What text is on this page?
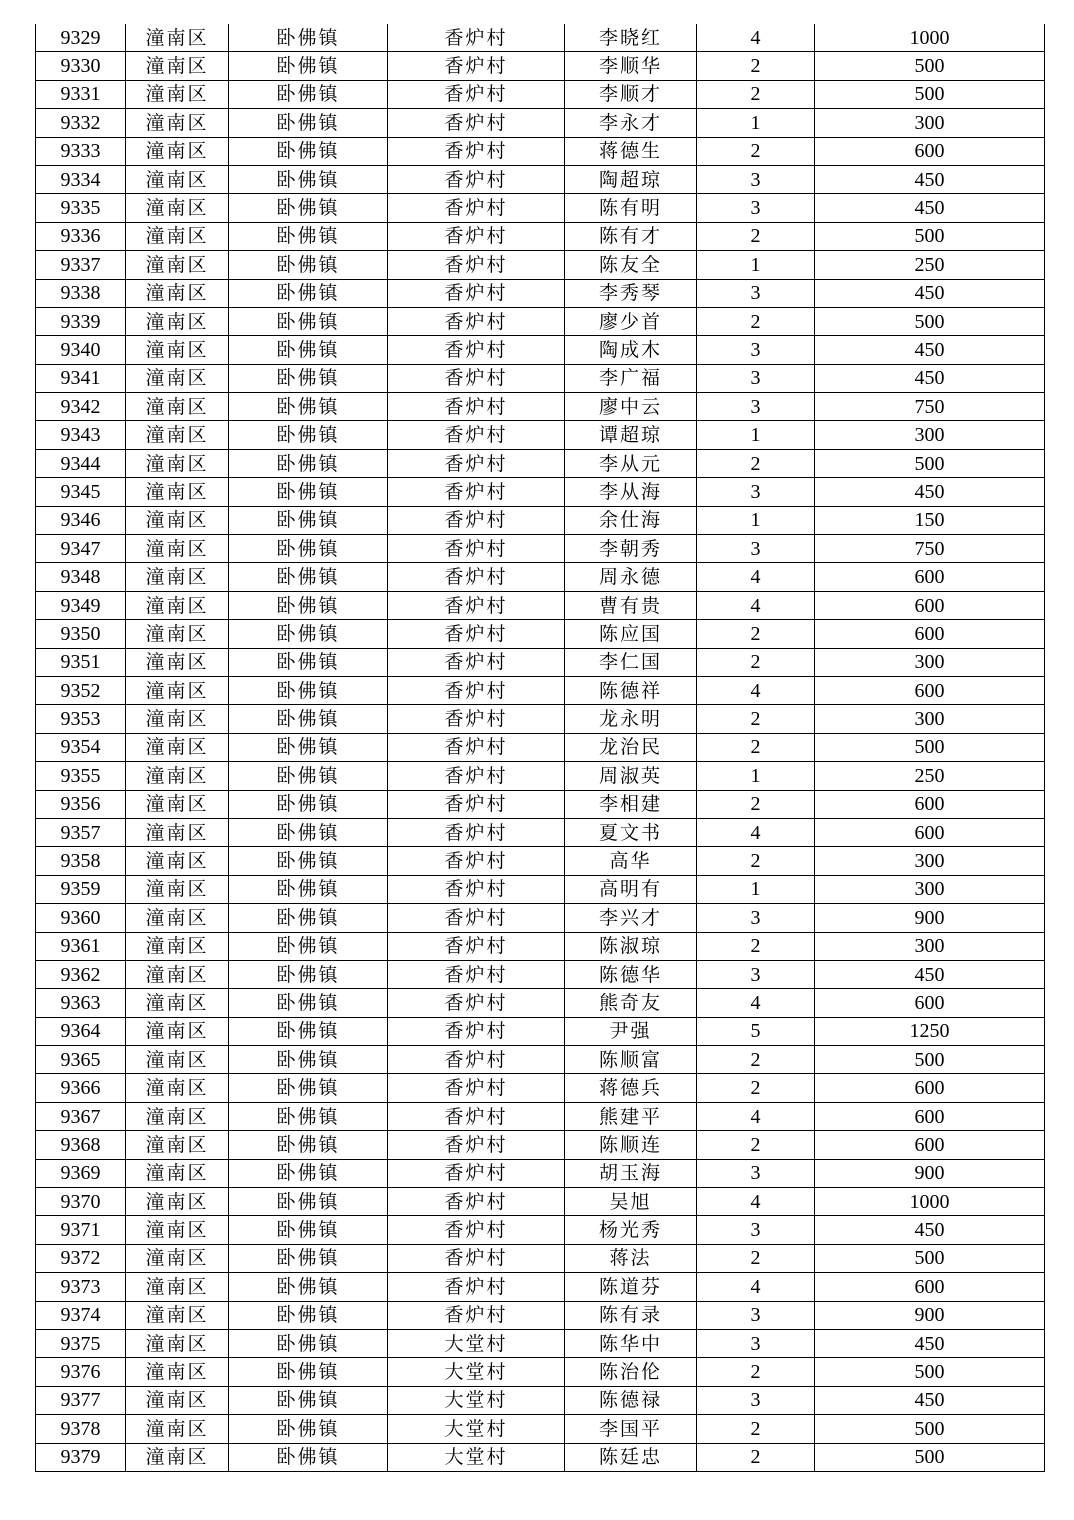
9329	潼南区	卧佛镇	香炉村	李晓红	4	1000
9330	潼南区	卧佛镇	香炉村	李顺华	2	500
9331	潼南区	卧佛镇	香炉村	李顺才	2	500
9332	潼南区	卧佛镇	香炉村	李永才	1	300
9333	潼南区	卧佛镇	香炉村	蒋德生	2	600
9334	潼南区	卧佛镇	香炉村	陶超琼	3	450
9335	潼南区	卧佛镇	香炉村	陈有明	3	450
9336	潼南区	卧佛镇	香炉村	陈有才	2	500
9337	潼南区	卧佛镇	香炉村	陈友全	1	250
9338	潼南区	卧佛镇	香炉村	李秀琴	3	450
9339	潼南区	卧佛镇	香炉村	廖少首	2	500
9340	潼南区	卧佛镇	香炉村	陶成木	3	450
9341	潼南区	卧佛镇	香炉村	李广福	3	450
9342	潼南区	卧佛镇	香炉村	廖中云	3	750
9343	潼南区	卧佛镇	香炉村	谭超琼	1	300
9344	潼南区	卧佛镇	香炉村	李从元	2	500
9345	潼南区	卧佛镇	香炉村	李从海	3	450
9346	潼南区	卧佛镇	香炉村	余仕海	1	150
9347	潼南区	卧佛镇	香炉村	李朝秀	3	750
9348	潼南区	卧佛镇	香炉村	周永德	4	600
9349	潼南区	卧佛镇	香炉村	曹有贵	4	600
9350	潼南区	卧佛镇	香炉村	陈应国	2	600
9351	潼南区	卧佛镇	香炉村	李仁国	2	300
9352	潼南区	卧佛镇	香炉村	陈德祥	4	600
9353	潼南区	卧佛镇	香炉村	龙永明	2	300
9354	潼南区	卧佛镇	香炉村	龙治民	2	500
9355	潼南区	卧佛镇	香炉村	周淑英	1	250
9356	潼南区	卧佛镇	香炉村	李相建	2	600
9357	潼南区	卧佛镇	香炉村	夏文书	4	600
9358	潼南区	卧佛镇	香炉村	高华	2	300
9359	潼南区	卧佛镇	香炉村	高明有	1	300
9360	潼南区	卧佛镇	香炉村	李兴才	3	900
9361	潼南区	卧佛镇	香炉村	陈淑琼	2	300
9362	潼南区	卧佛镇	香炉村	陈德华	3	450
9363	潼南区	卧佛镇	香炉村	熊奇友	4	600
9364	潼南区	卧佛镇	香炉村	尹强	5	1250
9365	潼南区	卧佛镇	香炉村	陈顺富	2	500
9366	潼南区	卧佛镇	香炉村	蒋德兵	2	600
9367	潼南区	卧佛镇	香炉村	熊建平	4	600
9368	潼南区	卧佛镇	香炉村	陈顺连	2	600
9369	潼南区	卧佛镇	香炉村	胡玉海	3	900
9370	潼南区	卧佛镇	香炉村	吴旭	4	1000
9371	潼南区	卧佛镇	香炉村	杨光秀	3	450
9372	潼南区	卧佛镇	香炉村	蒋法	2	500
9373	潼南区	卧佛镇	香炉村	陈道芬	4	600
9374	潼南区	卧佛镇	香炉村	陈有录	3	900
9375	潼南区	卧佛镇	大堂村	陈华中	3	450
9376	潼南区	卧佛镇	大堂村	陈治伦	2	500
9377	潼南区	卧佛镇	大堂村	陈德禄	3	450
9378	潼南区	卧佛镇	大堂村	李国平	2	500
9379	潼南区	卧佛镇	大堂村	陈廷忠	2	500
